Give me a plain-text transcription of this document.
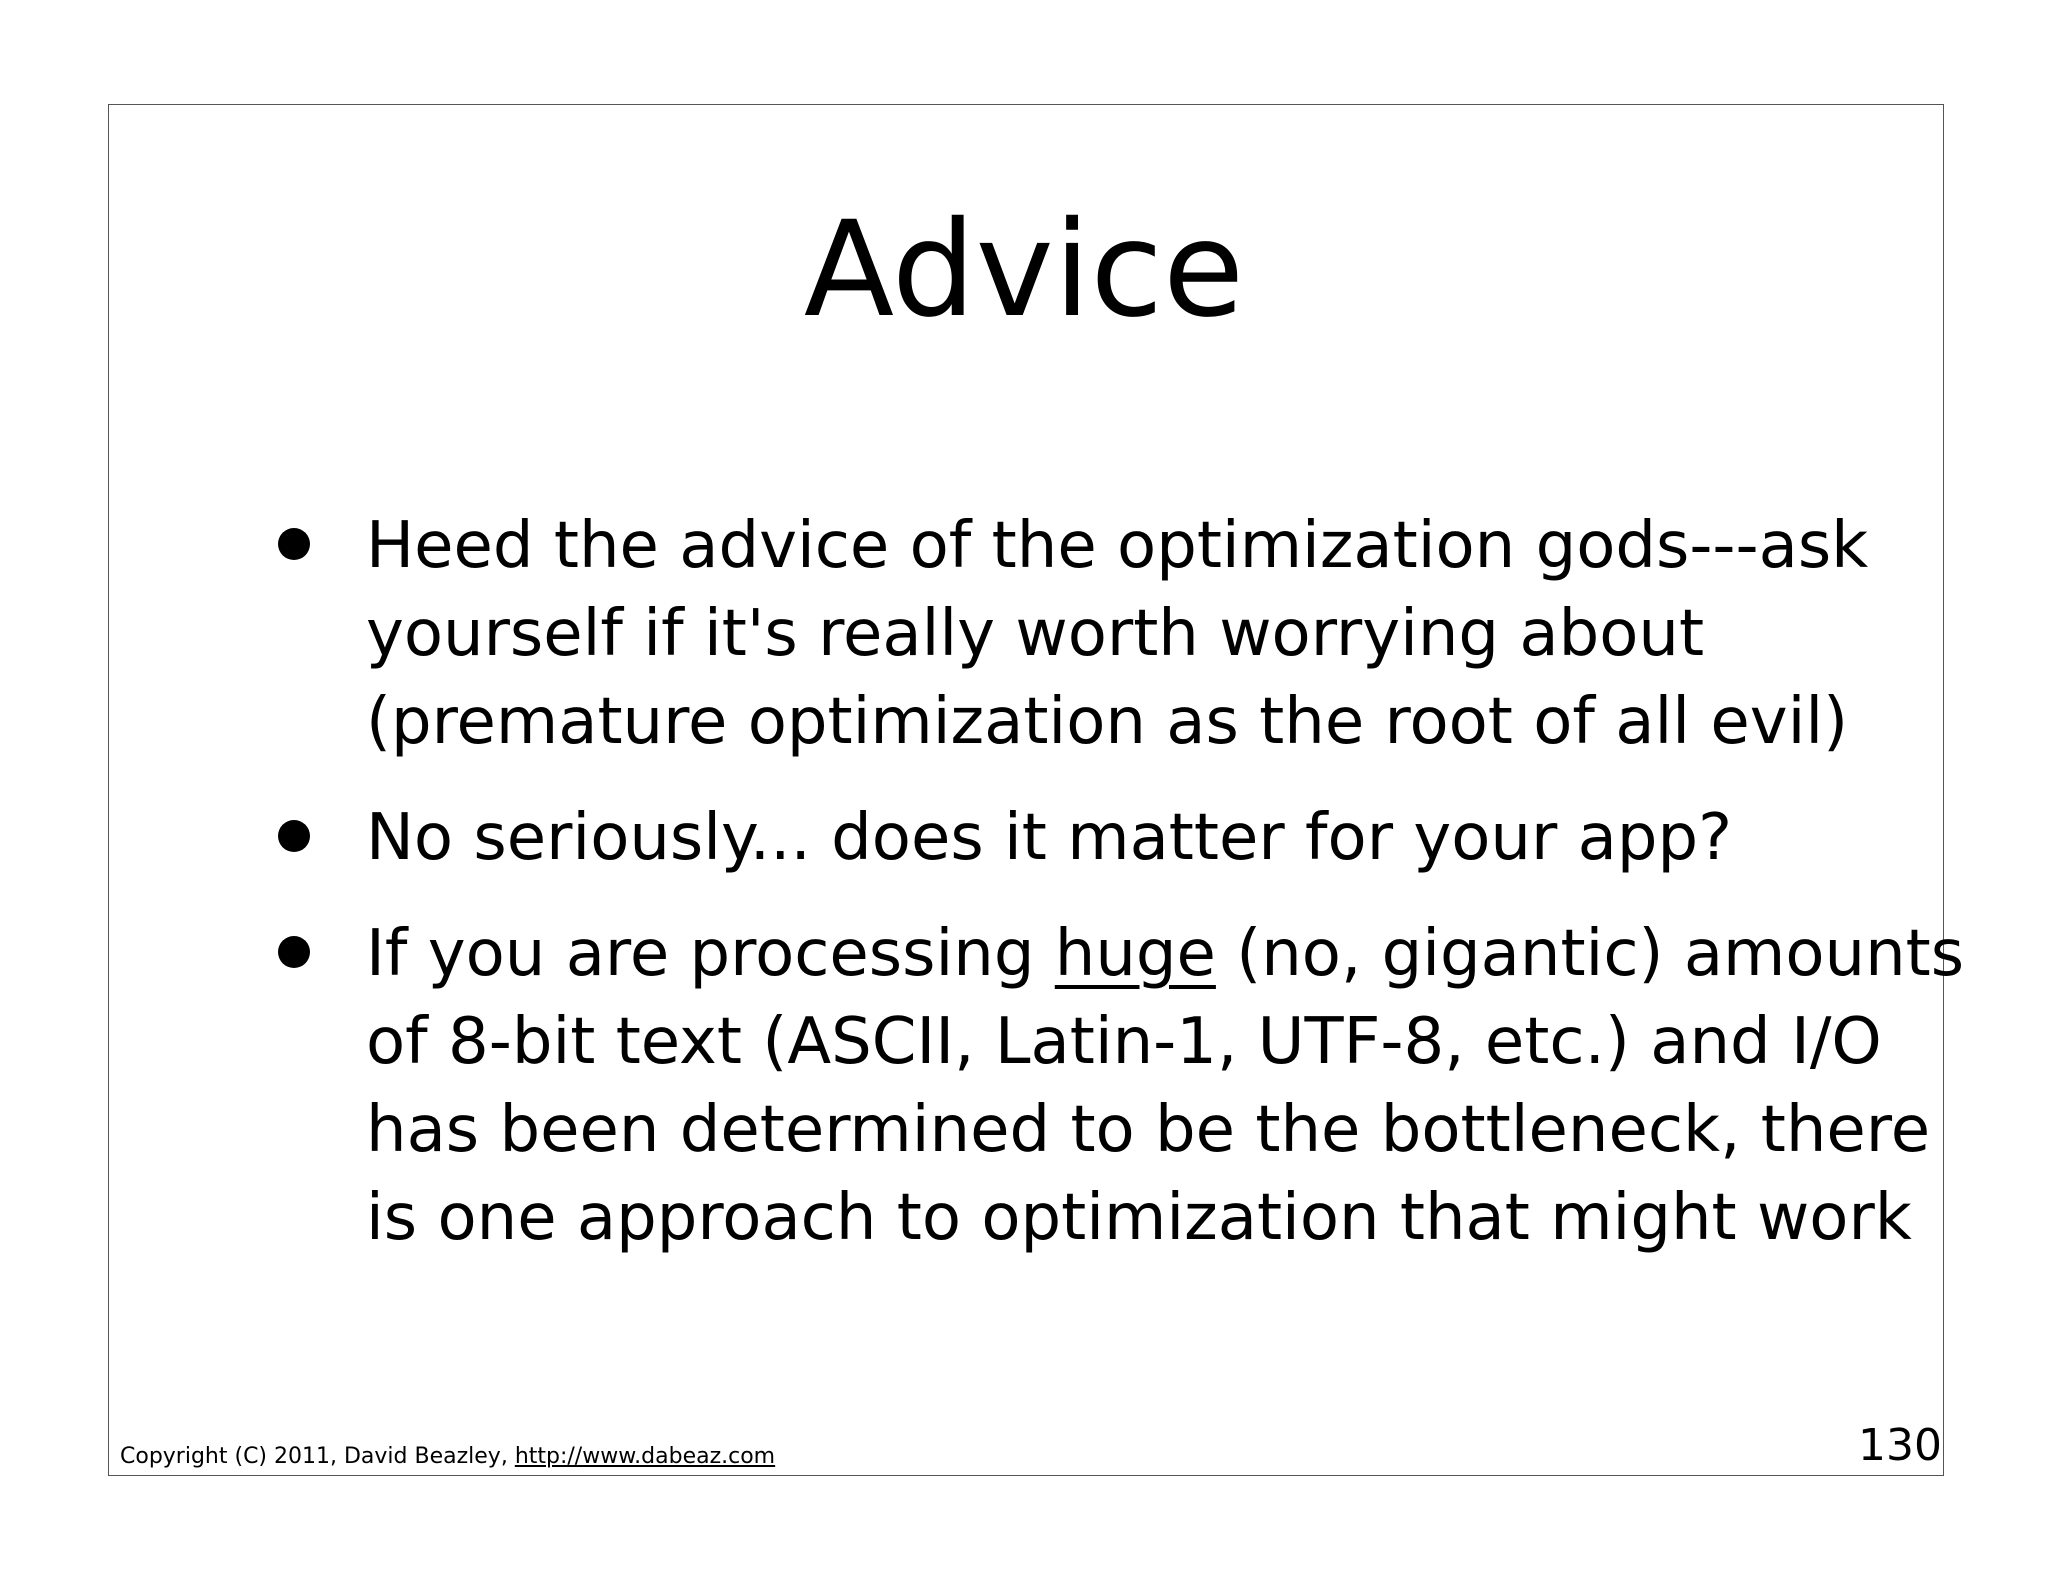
Advice
Heed the advice of the optimization gods---ask
yourself if it's really worth worrying about
(premature optimization as the root of all evil)
No seriously... does it matter for your app?
If you are processing huge (no, gigantic) amounts
of 8-bit text (ASCII, Latin-1, UTF-8, etc.) and I/O
has been determined to be the bottleneck, there
is one approach to optimization that might work
Copyright (C) 2011, David Beazley, http://www.dabeaz.com	130
